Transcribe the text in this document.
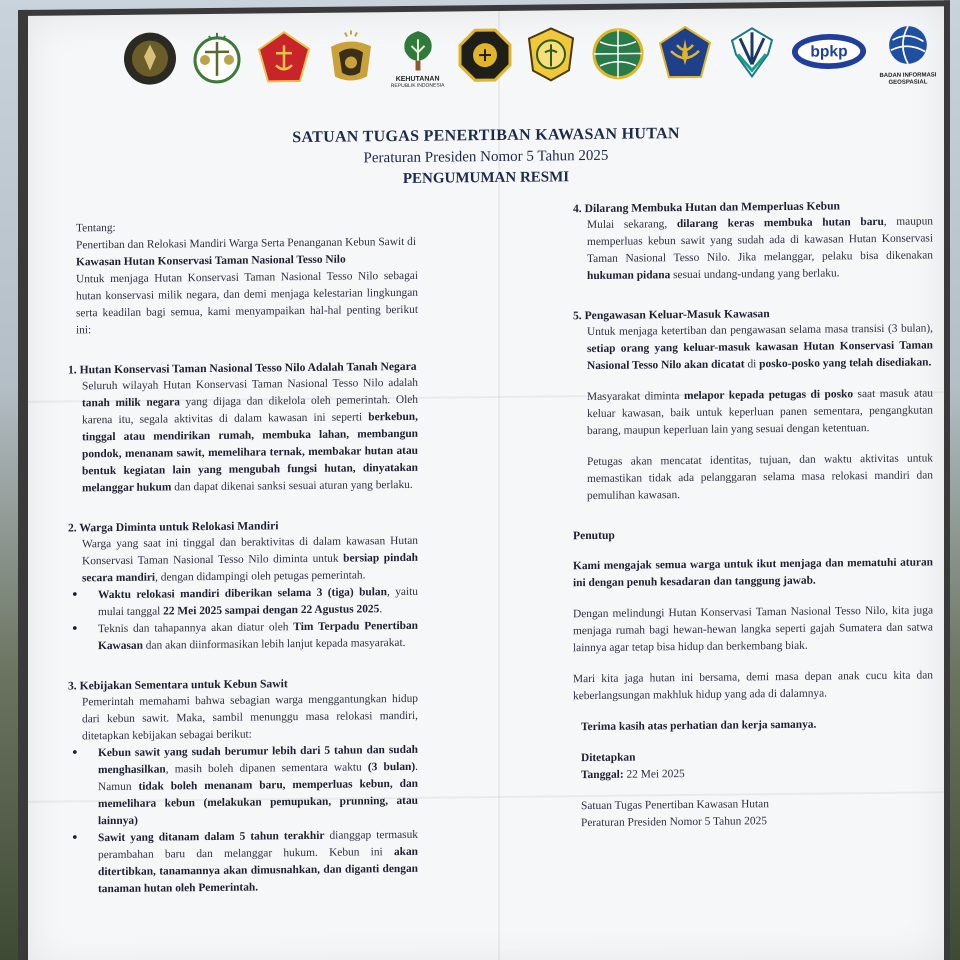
KEHUTANAN
REPUBLIK INDONESIA
bpkp
BADAN INFORMASI GEOSPASIAL
SATUAN TUGAS PENERTIBAN KAWASAN HUTAN
Peraturan Presiden Nomor 5 Tahun 2025
PENGUMUMAN RESMI
Tentang:
Penertiban dan Relokasi Mandiri Warga Serta Penanganan Kebun Sawit di
Kawasan Hutan Konservasi Taman Nasional Tesso Nilo
Untuk menjaga Hutan Konservasi Taman Nasional Tesso Nilo sebagai hutan konservasi milik negara, dan demi menjaga kelestarian lingkungan serta keadilan bagi semua, kami menyampaikan hal-hal penting berikut ini:
1. Hutan Konservasi Taman Nasional Tesso Nilo Adalah Tanah Negara
Seluruh wilayah Hutan Konservasi Taman Nasional Tesso Nilo adalah tanah milik negara yang dijaga dan dikelola oleh pemerintah. Oleh karena itu, segala aktivitas di dalam kawasan ini seperti berkebun, tinggal atau mendirikan rumah, membuka lahan, membangun pondok, menanam sawit, memelihara ternak, membakar hutan atau bentuk kegiatan lain yang mengubah fungsi hutan, dinyatakan melanggar hukum dan dapat dikenai sanksi sesuai aturan yang berlaku.
2. Warga Diminta untuk Relokasi Mandiri
Warga yang saat ini tinggal dan beraktivitas di dalam kawasan Hutan Konservasi Taman Nasional Tesso Nilo diminta untuk bersiap pindah secara mandiri, dengan didampingi oleh petugas pemerintah.
• Waktu relokasi mandiri diberikan selama 3 (tiga) bulan, yaitu mulai tanggal 22 Mei 2025 sampai dengan 22 Agustus 2025.
• Teknis dan tahapannya akan diatur oleh Tim Terpadu Penertiban Kawasan dan akan diinformasikan lebih lanjut kepada masyarakat.
3. Kebijakan Sementara untuk Kebun Sawit
Pemerintah memahami bahwa sebagian warga menggantungkan hidup dari kebun sawit. Maka, sambil menunggu masa relokasi mandiri, ditetapkan kebijakan sebagai berikut:
• Kebun sawit yang sudah berumur lebih dari 5 tahun dan sudah menghasilkan, masih boleh dipanen sementara waktu (3 bulan). Namun tidak boleh menanam baru, memperluas kebun, dan memelihara kebun (melakukan pemupukan, prunning, atau lainnya)
• Sawit yang ditanam dalam 5 tahun terakhir dianggap termasuk perambahan baru dan melanggar hukum. Kebun ini akan ditertibkan, tanamannya akan dimusnahkan, dan diganti dengan tanaman hutan oleh Pemerintah.
4. Dilarang Membuka Hutan dan Memperluas Kebun
Mulai sekarang, dilarang keras membuka hutan baru, maupun memperluas kebun sawit yang sudah ada di kawasan Hutan Konservasi Taman Nasional Tesso Nilo. Jika melanggar, pelaku bisa dikenakan hukuman pidana sesuai undang-undang yang berlaku.
5. Pengawasan Keluar-Masuk Kawasan
Untuk menjaga ketertiban dan pengawasan selama masa transisi (3 bulan), setiap orang yang keluar-masuk kawasan Hutan Konservasi Taman Nasional Tesso Nilo akan dicatat di posko-posko yang telah disediakan.
Masyarakat diminta melapor kepada petugas di posko saat masuk atau keluar kawasan, baik untuk keperluan panen sementara, pengangkutan barang, maupun keperluan lain yang sesuai dengan ketentuan.
Petugas akan mencatat identitas, tujuan, dan waktu aktivitas untuk memastikan tidak ada pelanggaran selama masa relokasi mandiri dan pemulihan kawasan.
Penutup
Kami mengajak semua warga untuk ikut menjaga dan mematuhi aturan ini dengan penuh kesadaran dan tanggung jawab.
Dengan melindungi Hutan Konservasi Taman Nasional Tesso Nilo, kita juga menjaga rumah bagi hewan-hewan langka seperti gajah Sumatera dan satwa lainnya agar tetap bisa hidup dan berkembang biak.
Mari kita jaga hutan ini bersama, demi masa depan anak cucu kita dan keberlangsungan makhluk hidup yang ada di dalamnya.
Terima kasih atas perhatian dan kerja samanya.
Ditetapkan
Tanggal: 22 Mei 2025
Satuan Tugas Penertiban Kawasan Hutan
Peraturan Presiden Nomor 5 Tahun 2025
